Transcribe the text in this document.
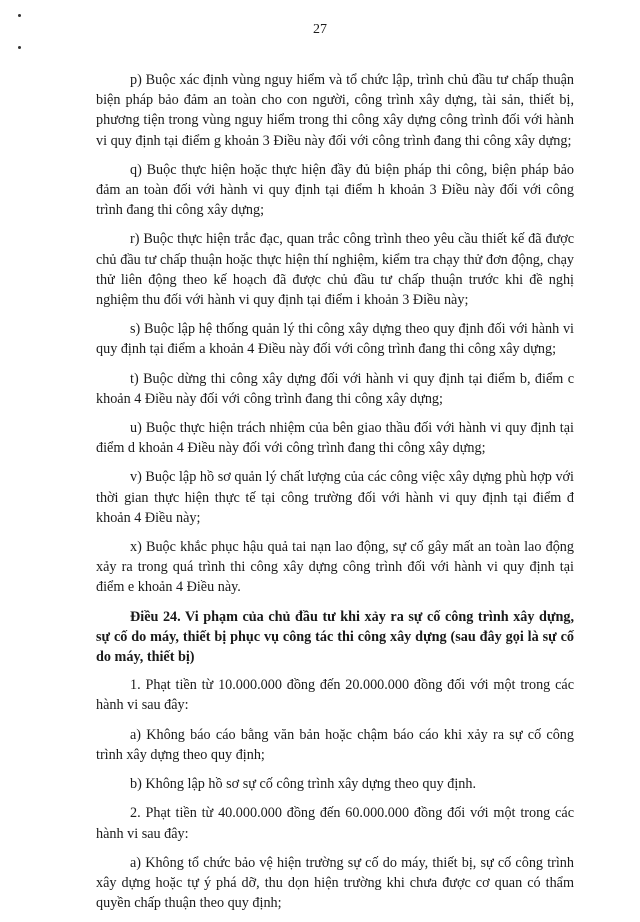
27

p) Buộc xác định vùng nguy hiểm và tổ chức lập, trình chủ đầu tư chấp thuận biện pháp bảo đảm an toàn cho con người, công trình xây dựng, tài sản, thiết bị, phương tiện trong vùng nguy hiểm trong thi công xây dựng công trình đối với hành vi quy định tại điểm g khoản 3 Điều này đối với công trình đang thi công xây dựng;

q) Buộc thực hiện hoặc thực hiện đầy đủ biện pháp thi công, biện pháp bảo đảm an toàn đối với hành vi quy định tại điểm h khoản 3 Điều này đối với công trình đang thi công xây dựng;

r) Buộc thực hiện trắc đạc, quan trắc công trình theo yêu cầu thiết kế đã được chủ đầu tư chấp thuận hoặc thực hiện thí nghiệm, kiểm tra chạy thử đơn động, chạy thử liên động theo kế hoạch đã được chủ đầu tư chấp thuận trước khi đề nghị nghiệm thu đối với hành vi quy định tại điểm i khoản 3 Điều này;

s) Buộc lập hệ thống quản lý thi công xây dựng theo quy định đối với hành vi quy định tại điểm a khoản 4 Điều này đối với công trình đang thi công xây dựng;

t) Buộc dừng thi công xây dựng đối với hành vi quy định tại điểm b, điểm c khoản 4 Điều này đối với công trình đang thi công xây dựng;

u) Buộc thực hiện trách nhiệm của bên giao thầu đối với hành vi quy định tại điểm d khoản 4 Điều này đối với công trình đang thi công xây dựng;

v) Buộc lập hồ sơ quản lý chất lượng của các công việc xây dựng phù hợp với thời gian thực hiện thực tế tại công trường đối với hành vi quy định tại điểm đ khoản 4 Điều này;

x) Buộc khắc phục hậu quả tai nạn lao động, sự cố gây mất an toàn lao động xảy ra trong quá trình thi công xây dựng công trình đối với hành vi quy định tại điểm e khoản 4 Điều này.

Điều 24. Vi phạm của chủ đầu tư khi xảy ra sự cố công trình xây dựng, sự cố do máy, thiết bị phục vụ công tác thi công xây dựng (sau đây gọi là sự cố do máy, thiết bị)

1. Phạt tiền từ 10.000.000 đồng đến 20.000.000 đồng đối với một trong các hành vi sau đây:

a) Không báo cáo bằng văn bản hoặc chậm báo cáo khi xảy ra sự cố công trình xây dựng theo quy định;

b) Không lập hồ sơ sự cố công trình xây dựng theo quy định.

2. Phạt tiền từ 40.000.000 đồng đến 60.000.000 đồng đối với một trong các hành vi sau đây:

a) Không tổ chức bảo vệ hiện trường sự cố do máy, thiết bị, sự cố công trình xây dựng hoặc tự ý phá dỡ, thu dọn hiện trường khi chưa được cơ quan có thẩm quyền chấp thuận theo quy định;
